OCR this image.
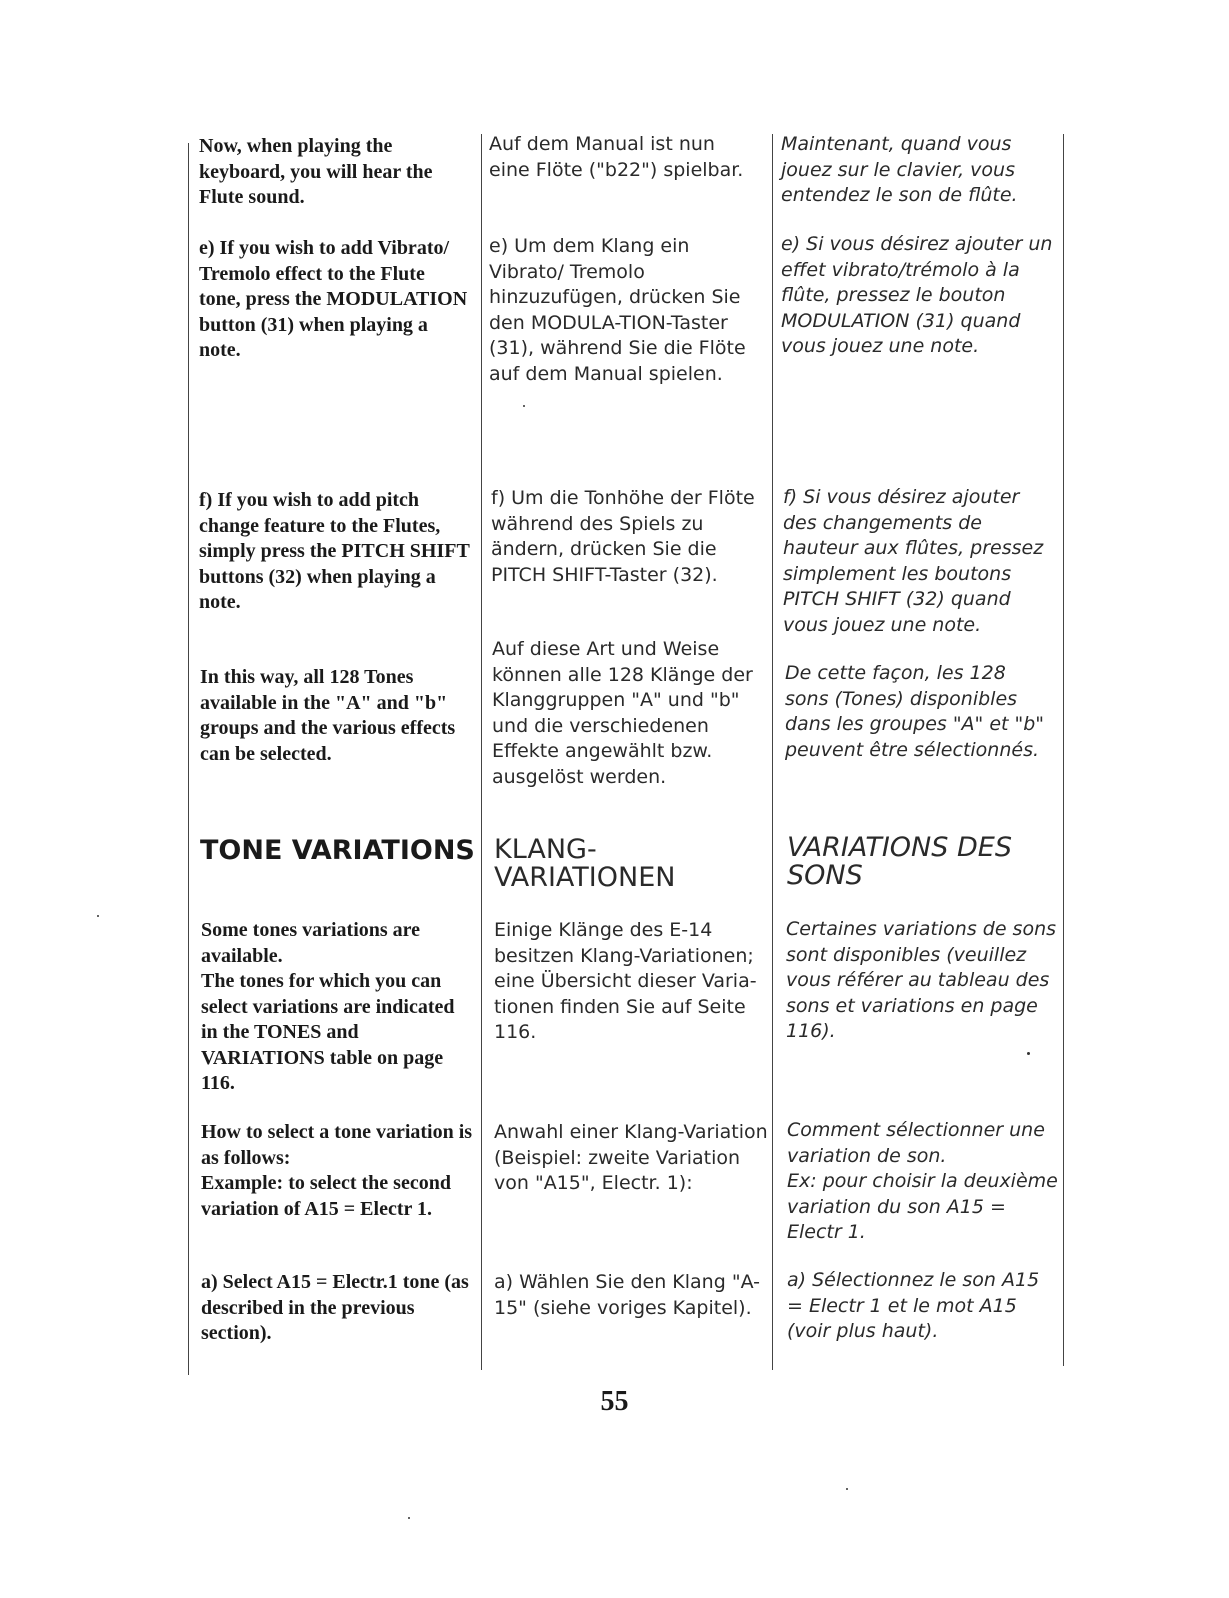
Now, when playing the keyboard, you will hear the Flute sound.
e) If you wish to add Vibrato/ Tremolo effect to the Flute tone, press the MODULATION button (31) when playing a note.
f) If you wish to add pitch change feature to the Flutes, simply press the PITCH SHIFT buttons (32) when playing a note.
In this way, all 128 Tones available in the "A" and "b" groups and the various effects can be selected.
TONE VARIATIONS
Some tones variations are available.
The tones for which you can select variations are indicated in the TONES and VARIATIONS table on page 116.
How to select a tone variation is as follows:
Example: to select the second variation of A15 = Electr 1.
a) Select A15 = Electr.1 tone (as described in the previous section).
Auf dem Manual ist nun eine Flöte ("b22") spielbar.
e) Um dem Klang ein Vibrato/ Tremolo hinzuzufügen, drücken Sie den MODULA-TION-Taster (31), während Sie die Flöte auf dem Manual spielen.
f) Um die Tonhöhe der Flöte während des Spiels zu ändern, drücken Sie die PITCH SHIFT-Taster (32).
Auf diese Art und Weise können alle 128 Klänge der Klanggruppen "A" und "b" und die verschiedenen Effekte angewählt bzw. ausgelöst werden.
KLANG-
VARIATIONEN
Einige Klänge des E-14 besitzen Klang-Variationen; eine Übersicht dieser Varia-tionen finden Sie auf Seite 116.
Anwahl einer Klang-Variation (Beispiel: zweite Variation von "A15", Electr. 1):
a) Wählen Sie den Klang "A-15" (siehe voriges Kapitel).
Maintenant, quand vous jouez sur le clavier, vous entendez le son de flûte.
e) Si vous désirez ajouter un effet vibrato/trémolo à la flûte, pressez le bouton MODULATION (31) quand vous jouez une note.
f) Si vous désirez ajouter des changements de hauteur aux flûtes, pressez simplement les boutons PITCH SHIFT (32) quand vous jouez une note.
De cette façon, les 128 sons (Tones) disponibles dans les groupes "A" et "b" peuvent être sélectionnés.
VARIATIONS DES
SONS
Certaines variations de sons sont disponibles (veuillez vous référer au tableau des sons et variations en page 116).
Comment sélectionner une variation de son.
Ex: pour choisir la deuxième variation du son A15 = Electr 1.
a) Sélectionnez le son A15 = Electr 1 et le mot A15 (voir plus haut).
55
